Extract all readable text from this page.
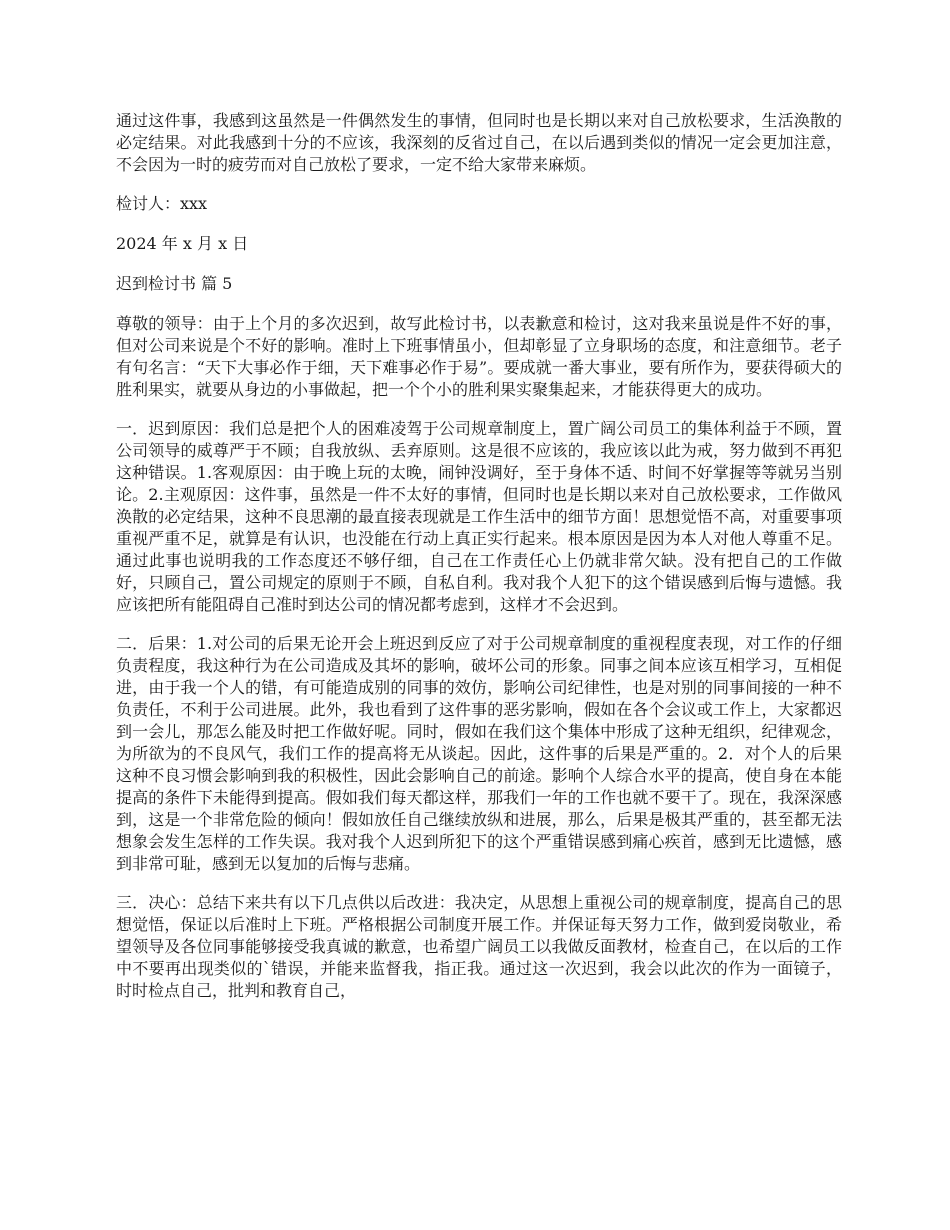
通过这件事，我感到这虽然是一件偶然发生的事情，但同时也是长期以来对自己放松要求，生活涣散的必定结果。对此我感到十分的不应该，我深刻的反省过自己，在以后遇到类似的情况一定会更加注意，不会因为一时的疲劳而对自己放松了要求，一定不给大家带来麻烦。

检讨人：xxx

2024 年 x 月 x 日

迟到检讨书 篇 5

尊敬的领导：由于上个月的多次迟到，故写此检讨书，以表歉意和检讨，这对我来虽说是件不好的事，但对公司来说是个不好的影响。准时上下班事情虽小，但却彰显了立身职场的态度，和注意细节。老子有句名言：“天下大事必作于细，天下难事必作于易”。要成就一番大事业，要有所作为，要获得硕大的胜利果实，就要从身边的小事做起，把一个个小的胜利果实聚集起来，才能获得更大的成功。

一．迟到原因：我们总是把个人的困难凌驾于公司规章制度上，置广阔公司员工的集体利益于不顾，置公司领导的威尊严于不顾；自我放纵、丢弃原则。这是很不应该的，我应该以此为戒，努力做到不再犯这种错误。1.客观原因：由于晚上玩的太晚，闹钟没调好，至于身体不适、时间不好掌握等等就另当别论。2.主观原因：这件事，虽然是一件不太好的事情，但同时也是长期以来对自己放松要求，工作做风涣散的必定结果，这种不良思潮的最直接表现就是工作生活中的细节方面！思想觉悟不高，对重要事项重视严重不足，就算是有认识，也没能在行动上真正实行起来。根本原因是因为本人对他人尊重不足。通过此事也说明我的工作态度还不够仔细，自己在工作责任心上仍就非常欠缺。没有把自己的工作做好，只顾自己，置公司规定的原则于不顾，自私自利。我对我个人犯下的这个错误感到后悔与遗憾。我应该把所有能阻碍自己准时到达公司的情况都考虑到，这样才不会迟到。

二．后果：1.对公司的后果无论开会上班迟到反应了对于公司规章制度的重视程度表现，对工作的仔细负责程度，我这种行为在公司造成及其坏的影响，破坏公司的形象。同事之间本应该互相学习，互相促进，由于我一个人的错，有可能造成别的同事的效仿，影响公司纪律性，也是对别的同事间接的一种不负责任，不利于公司进展。此外，我也看到了这件事的恶劣影响，假如在各个会议或工作上，大家都迟到一会儿，那怎么能及时把工作做好呢。同时，假如在我们这个集体中形成了这种无组织，纪律观念，为所欲为的不良风气，我们工作的提高将无从谈起。因此，这件事的后果是严重的。2．对个人的后果这种不良习惯会影响到我的积极性，因此会影响自己的前途。影响个人综合水平的提高，使自身在本能提高的条件下未能得到提高。假如我们每天都这样，那我们一年的工作也就不要干了。现在，我深深感到，这是一个非常危险的倾向！假如放任自己继续放纵和进展，那么，后果是极其严重的，甚至都无法想象会发生怎样的工作失误。我对我个人迟到所犯下的这个严重错误感到痛心疾首，感到无比遗憾，感到非常可耻，感到无以复加的后悔与悲痛。

三．决心：总结下来共有以下几点供以后改进：我决定，从思想上重视公司的规章制度，提高自己的思想觉悟，保证以后准时上下班。严格根据公司制度开展工作。并保证每天努力工作，做到爱岗敬业，希望领导及各位同事能够接受我真诚的歉意，也希望广阔员工以我做反面教材，检查自己，在以后的工作中不要再出现类似的`错误，并能来监督我，指正我。通过这一次迟到，我会以此次的作为一面镜子，时时检点自己，批判和教育自己，
